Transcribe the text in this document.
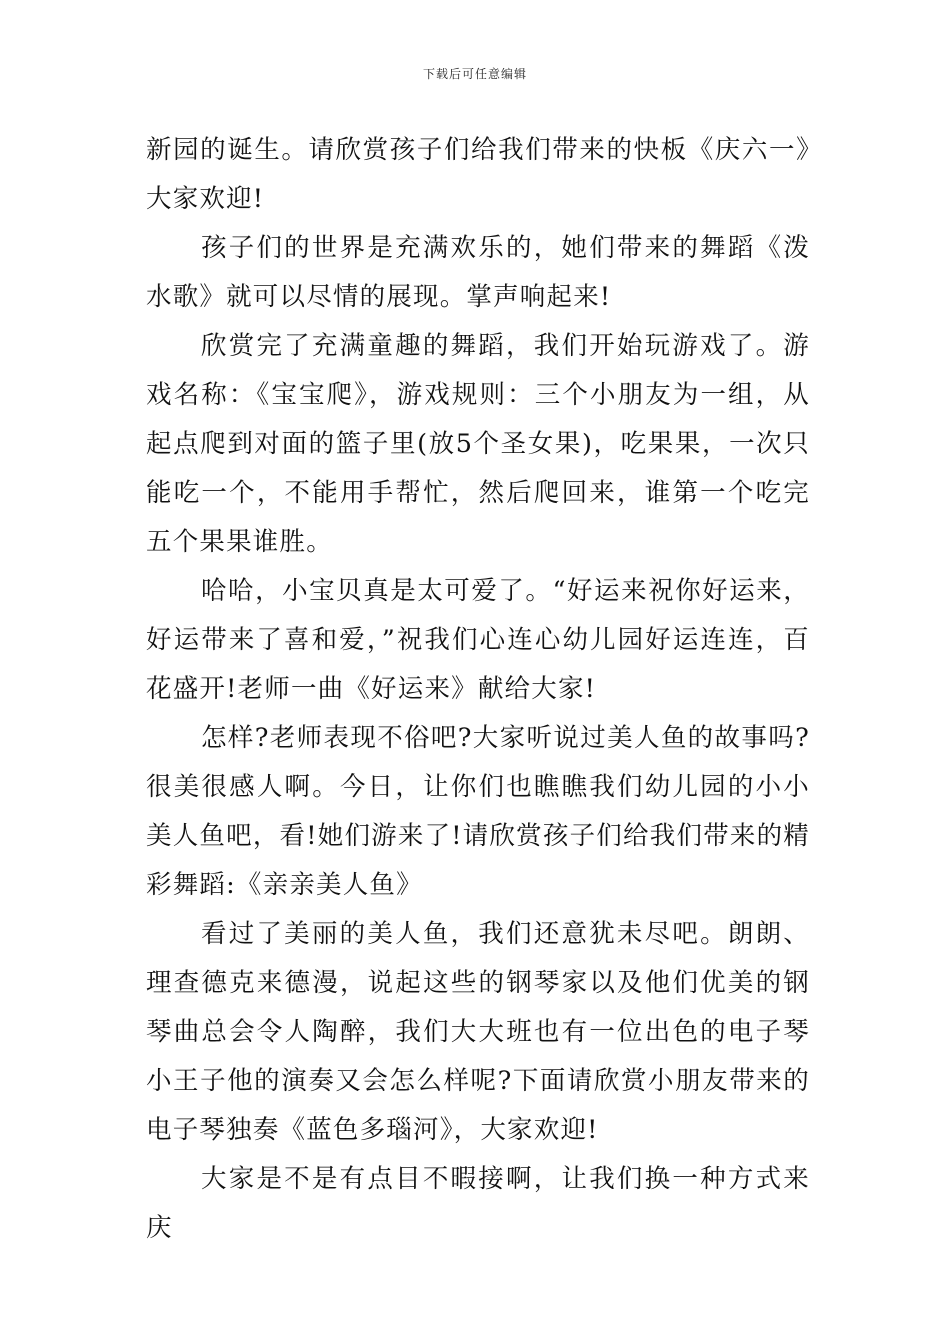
下载后可任意编辑

新园的诞生。请欣赏孩子们给我们带来的快板《庆六一》大家欢迎!

孩子们的世界是充满欢乐的，她们带来的舞蹈《泼水歌》就可以尽情的展现。掌声响起来!

欣赏完了充满童趣的舞蹈，我们开始玩游戏了。游戏名称：《宝宝爬》，游戏规则：三个小朋友为一组，从起点爬到对面的篮子里(放5个圣女果)，吃果果，一次只能吃一个，不能用手帮忙，然后爬回来，谁第一个吃完五个果果谁胜。

哈哈，小宝贝真是太可爱了。“好运来祝你好运来，好运带来了喜和爱，”祝我们心连心幼儿园好运连连，百花盛开!老师一曲《好运来》献给大家!

怎样?老师表现不俗吧?大家听说过美人鱼的故事吗?很美很感人啊。今日，让你们也瞧瞧我们幼儿园的小小美人鱼吧，看!她们游来了!请欣赏孩子们给我们带来的精彩舞蹈:《亲亲美人鱼》

看过了美丽的美人鱼，我们还意犹未尽吧。朗朗、理查德克来德漫，说起这些的钢琴家以及他们优美的钢琴曲总会令人陶醉，我们大大班也有一位出色的电子琴小王子他的演奏又会怎么样呢?下面请欣赏小朋友带来的电子琴独奏《蓝色多瑙河》，大家欢迎!

大家是不是有点目不暇接啊，让我们换一种方式来庆
